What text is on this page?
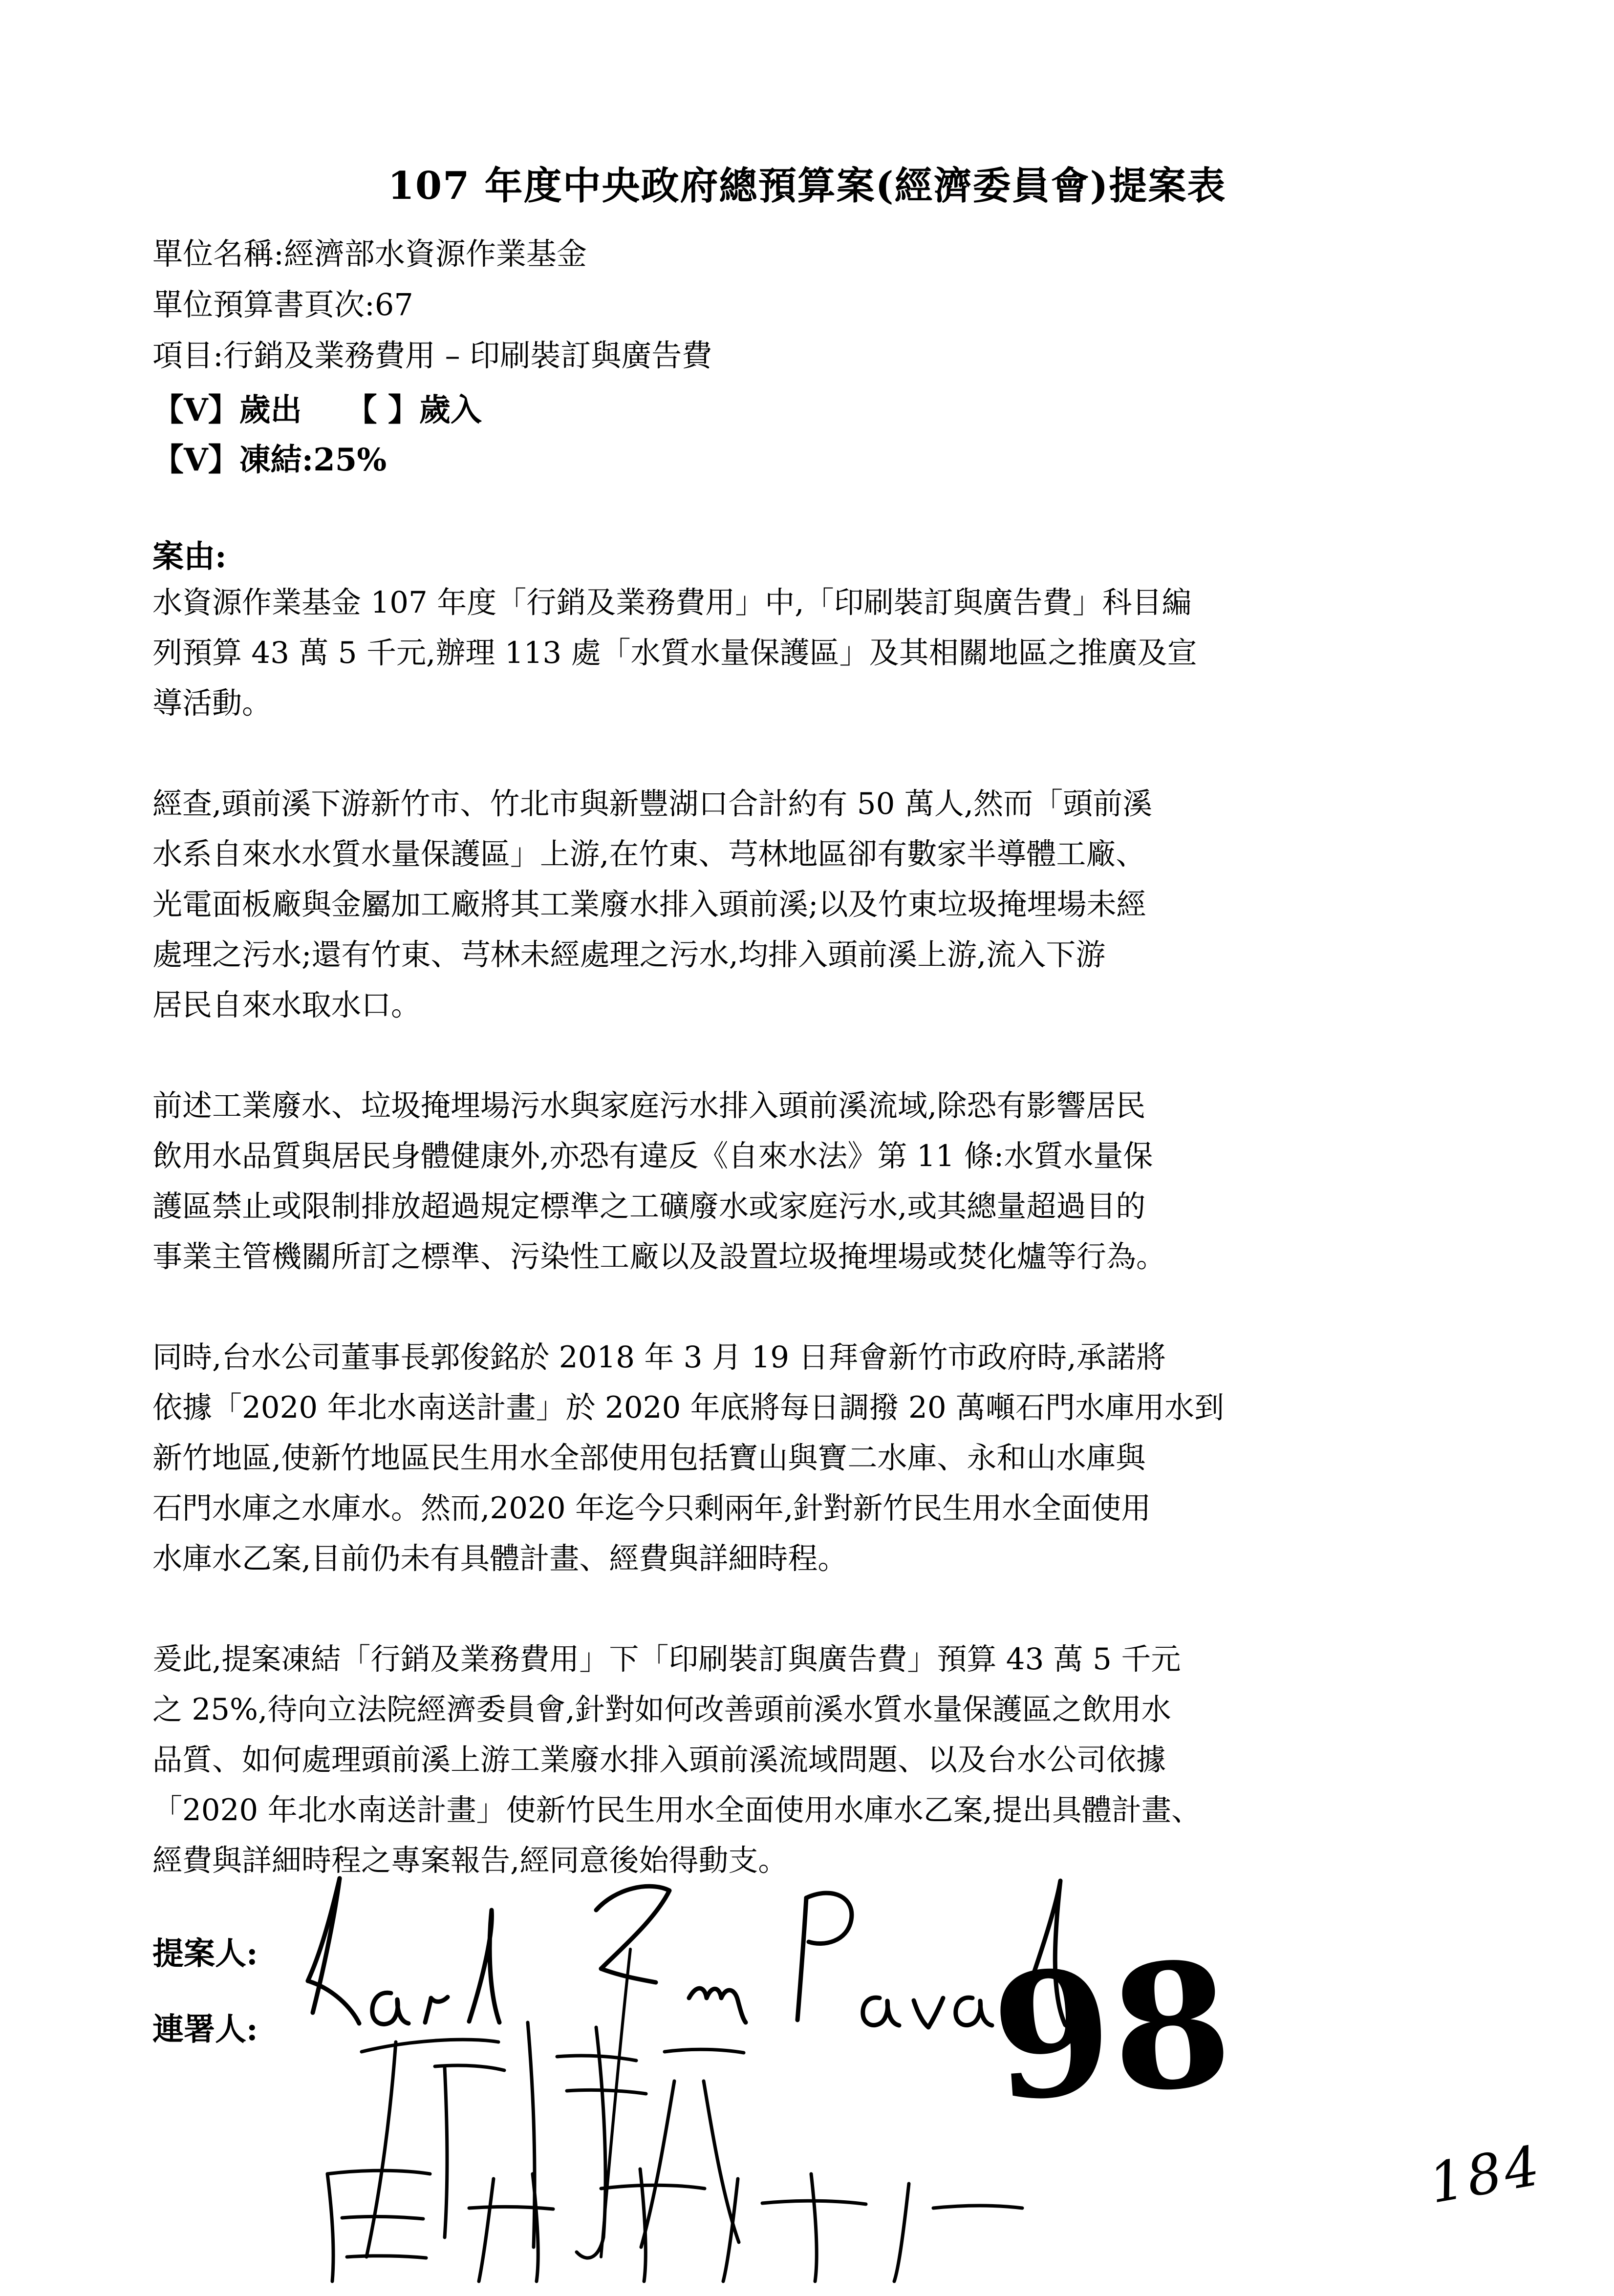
107 年度中央政府總預算案(經濟委員會)提案表
單位名稱:經濟部水資源作業基金
單位預算書頁次:67
項目:行銷及業務費用 – 印刷裝訂與廣告費
【V】歲出 【 】歲入
【V】凍結:25%
案由:
水資源作業基金 107 年度「行銷及業務費用」中,「印刷裝訂與廣告費」科目編
列預算 43 萬 5 千元,辦理 113 處「水質水量保護區」及其相關地區之推廣及宣
導活動。
經查,頭前溪下游新竹市、竹北市與新豐湖口合計約有 50 萬人,然而「頭前溪
水系自來水水質水量保護區」上游,在竹東、芎林地區卻有數家半導體工廠、
光電面板廠與金屬加工廠將其工業廢水排入頭前溪;以及竹東垃圾掩埋場未經
處理之污水;還有竹東、芎林未經處理之污水,均排入頭前溪上游,流入下游
居民自來水取水口。
前述工業廢水、垃圾掩埋場污水與家庭污水排入頭前溪流域,除恐有影響居民
飲用水品質與居民身體健康外,亦恐有違反《自來水法》第 11 條:水質水量保
護區禁止或限制排放超過規定標準之工礦廢水或家庭污水,或其總量超過目的
事業主管機關所訂之標準、污染性工廠以及設置垃圾掩埋場或焚化爐等行為。
同時,台水公司董事長郭俊銘於 2018 年 3 月 19 日拜會新竹市政府時,承諾將
依據「2020 年北水南送計畫」於 2020 年底將每日調撥 20 萬噸石門水庫用水到
新竹地區,使新竹地區民生用水全部使用包括寶山與寶二水庫、永和山水庫與
石門水庫之水庫水。然而,2020 年迄今只剩兩年,針對新竹民生用水全面使用
水庫水乙案,目前仍未有具體計畫、經費與詳細時程。
爰此,提案凍結「行銷及業務費用」下「印刷裝訂與廣告費」預算 43 萬 5 千元
之 25%,待向立法院經濟委員會,針對如何改善頭前溪水質水量保護區之飲用水
品質、如何處理頭前溪上游工業廢水排入頭前溪流域問題、以及台水公司依據
「2020 年北水南送計畫」使新竹民生用水全面使用水庫水乙案,提出具體計畫、
經費與詳細時程之專案報告,經同意後始得動支。
提案人:
連署人:	98
184
